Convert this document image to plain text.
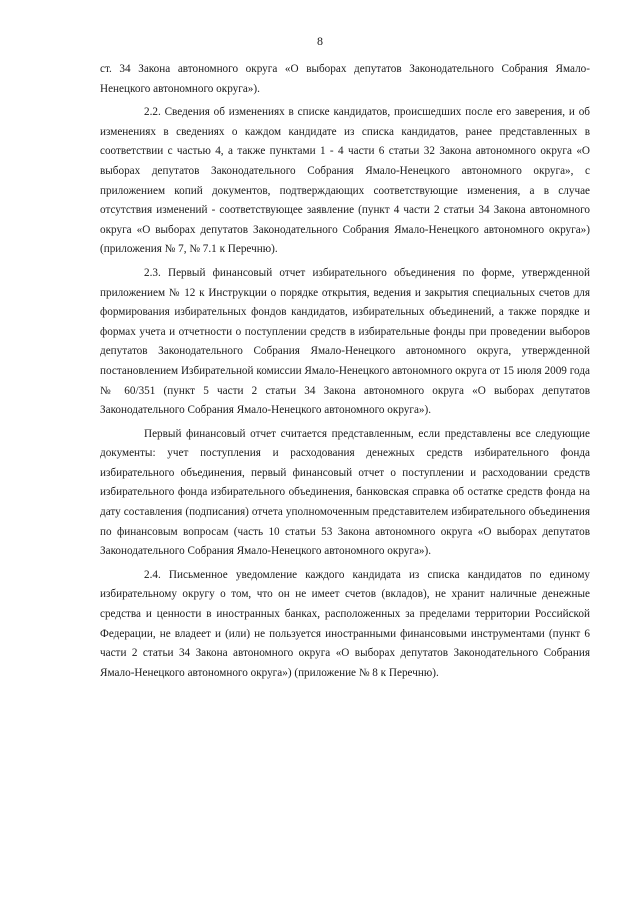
8

ст. 34 Закона автономного округа «О выборах депутатов Законодательного Собрания Ямало-Ненецкого автономного округа»).

2.2. Сведения об изменениях в списке кандидатов, происшедших после его заверения, и об изменениях в сведениях о каждом кандидате из списка кандидатов, ранее представленных в соответствии с частью 4, а также пунктами 1 - 4 части 6 статьи 32 Закона автономного округа «О выборах депутатов Законодательного Собрания Ямало-Ненецкого автономного округа», с приложением копий документов, подтверждающих соответствующие изменения, а в случае отсутствия изменений - соответствующее заявление (пункт 4 части 2 статьи 34 Закона автономного округа «О выборах депутатов Законодательного Собрания Ямало-Ненецкого автономного округа») (приложения № 7, № 7.1 к Перечню).

2.3. Первый финансовый отчет избирательного объединения по форме, утвержденной приложением № 12 к Инструкции о порядке открытия, ведения и закрытия специальных счетов для формирования избирательных фондов кандидатов, избирательных объединений, а также порядке и формах учета и отчетности о поступлении средств в избирательные фонды при проведении выборов депутатов Законодательного Собрания Ямало-Ненецкого автономного округа, утвержденной постановлением Избирательной комиссии Ямало-Ненецкого автономного округа от 15 июля 2009 года № 60/351 (пункт 5 части 2 статьи 34 Закона автономного округа «О выборах депутатов Законодательного Собрания Ямало-Ненецкого автономного округа»).

Первый финансовый отчет считается представленным, если представлены все следующие документы: учет поступления и расходования денежных средств избирательного фонда избирательного объединения, первый финансовый отчет о поступлении и расходовании средств избирательного фонда избирательного объединения, банковская справка об остатке средств фонда на дату составления (подписания) отчета уполномоченным представителем избирательного объединения по финансовым вопросам (часть 10 статьи 53 Закона автономного округа «О выборах депутатов Законодательного Собрания Ямало-Ненецкого автономного округа»).

2.4. Письменное уведомление каждого кандидата из списка кандидатов по единому избирательному округу о том, что он не имеет счетов (вкладов), не хранит наличные денежные средства и ценности в иностранных банках, расположенных за пределами территории Российской Федерации, не владеет и (или) не пользуется иностранными финансовыми инструментами (пункт 6 части 2 статьи 34 Закона автономного округа «О выборах депутатов Законодательного Собрания Ямало-Ненецкого автономного округа») (приложение № 8 к Перечню).
